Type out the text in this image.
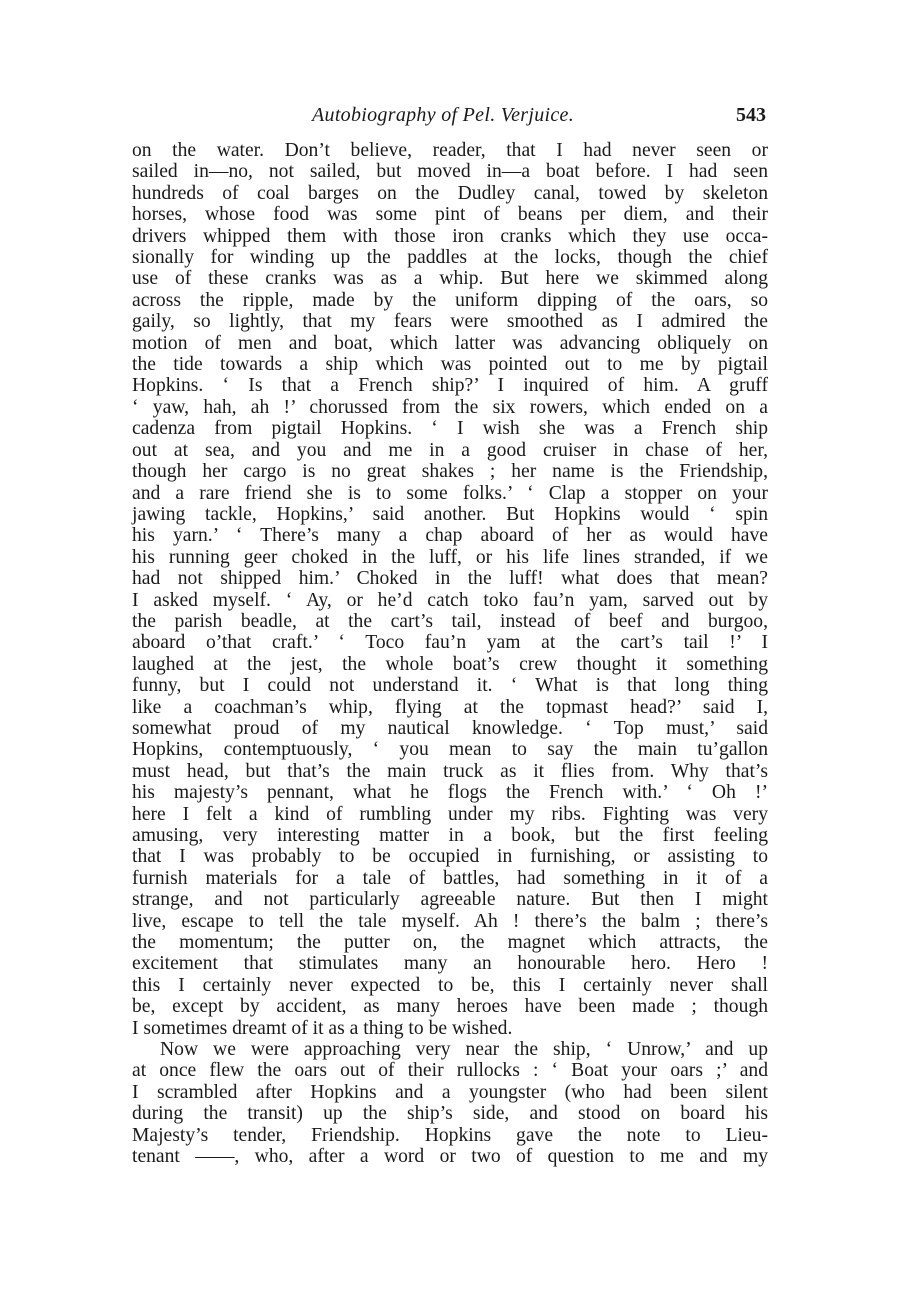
Autobiography of Pel. Verjuice.	543
on the water. Don’t believe, reader, that I had never seen or
sailed in—no, not sailed, but moved in—a boat before. I had seen
hundreds of coal barges on the Dudley canal, towed by skeleton
horses, whose food was some pint of beans per diem, and their
drivers whipped them with those iron cranks which they use occa-
sionally for winding up the paddles at the locks, though the chief
use of these cranks was as a whip. But here we skimmed along
across the ripple, made by the uniform dipping of the oars, so
gaily, so lightly, that my fears were smoothed as I admired the
motion of men and boat, which latter was advancing obliquely on
the tide towards a ship which was pointed out to me by pigtail
Hopkins. ‘ Is that a French ship?’ I inquired of him. A gruff
‘ yaw, hah, ah !’ chorussed from the six rowers, which ended on a
cadenza from pigtail Hopkins. ‘ I wish she was a French ship
out at sea, and you and me in a good cruiser in chase of her,
though her cargo is no great shakes ; her name is the Friendship,
and a rare friend she is to some folks.’ ‘ Clap a stopper on your
jawing tackle, Hopkins,’ said another. But Hopkins would ‘ spin
his yarn.’ ‘ There’s many a chap aboard of her as would have
his running geer choked in the luff, or his life lines stranded, if we
had not shipped him.’ Choked in the luff! what does that mean?
I asked myself. ‘ Ay, or he’d catch toko fau’n yam, sarved out by
the parish beadle, at the cart’s tail, instead of beef and burgoo,
aboard o’that craft.’ ‘ Toco fau’n yam at the cart’s tail !’ I
laughed at the jest, the whole boat’s crew thought it something
funny, but I could not understand it. ‘ What is that long thing
like a coachman’s whip, flying at the topmast head?’ said I,
somewhat proud of my nautical knowledge. ‘ Top must,’ said
Hopkins, contemptuously, ‘ you mean to say the main tu’gallon
must head, but that’s the main truck as it flies from. Why that’s
his majesty’s pennant, what he flogs the French with.’ ‘ Oh !’
here I felt a kind of rumbling under my ribs. Fighting was very
amusing, very interesting matter in a book, but the first feeling
that I was probably to be occupied in furnishing, or assisting to
furnish materials for a tale of battles, had something in it of a
strange, and not particularly agreeable nature. But then I might
live, escape to tell the tale myself. Ah ! there’s the balm ; there’s
the momentum; the putter on, the magnet which attracts, the
excitement that stimulates many an honourable hero. Hero !
this I certainly never expected to be, this I certainly never shall
be, except by accident, as many heroes have been made ; though
I sometimes dreamt of it as a thing to be wished.
Now we were approaching very near the ship, ‘ Unrow,’ and up
at once flew the oars out of their rullocks : ‘ Boat your oars ;’ and
I scrambled after Hopkins and a youngster (who had been silent
during the transit) up the ship’s side, and stood on board his
Majesty’s tender, Friendship. Hopkins gave the note to Lieu-
tenant ——, who, after a word or two of question to me and my
